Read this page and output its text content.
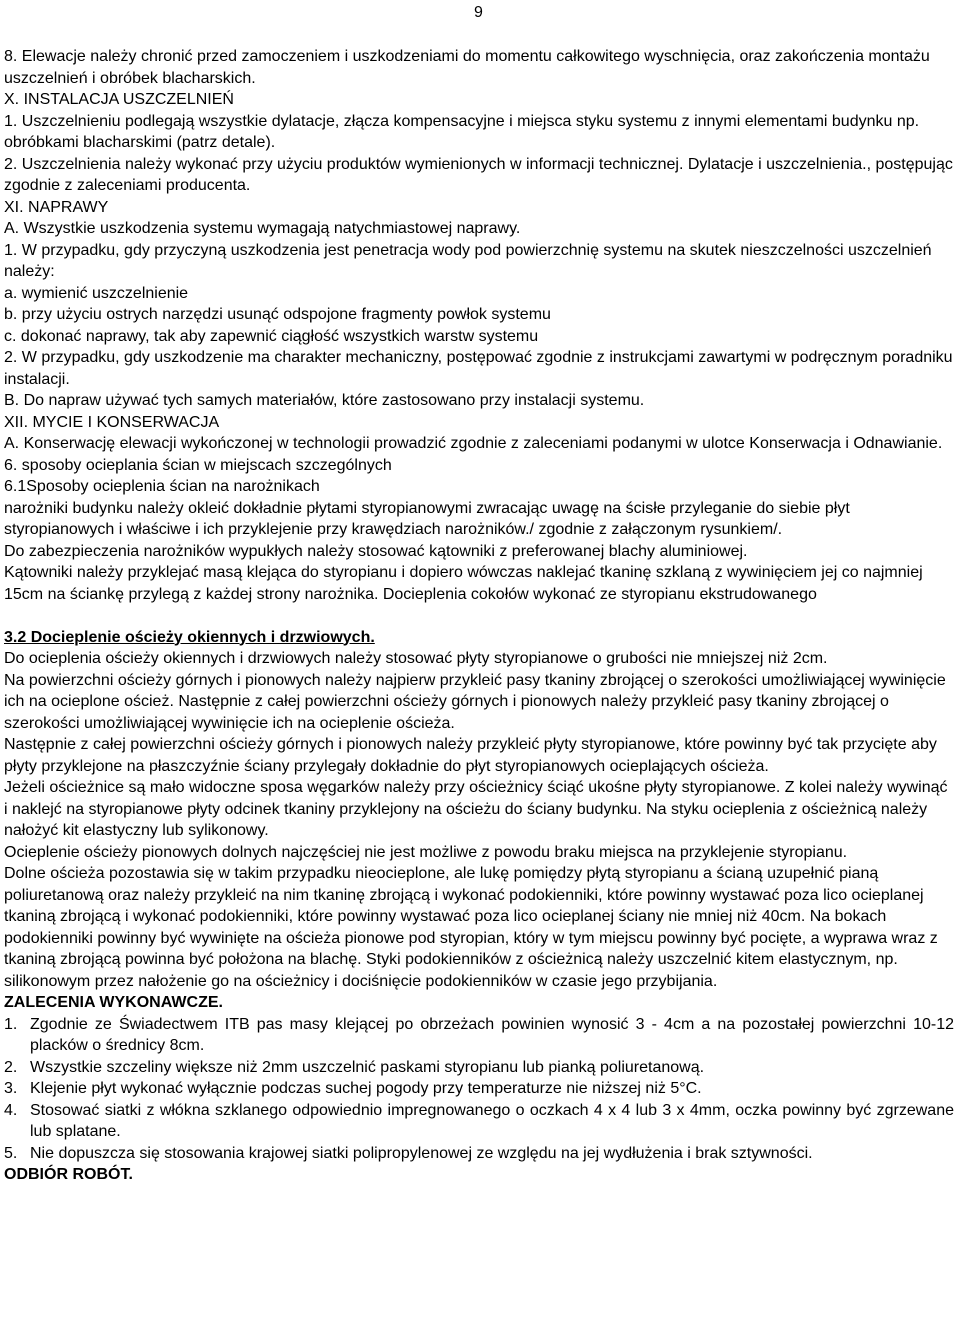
9

8. Elewacje należy chronić przed zamoczeniem i uszkodzeniami do momentu całkowitego wyschnięcia, oraz zakończenia montażu uszczelnień i obróbek blacharskich.

X. INSTALACJA USZCZELNIEŃ

1. Uszczelnieniu podlegają wszystkie dylatacje, złącza kompensacyjne i miejsca styku systemu z innymi elementami budynku np. obróbkami blacharskimi (patrz detale).

2. Uszczelnienia należy wykonać przy użyciu produktów wymienionych w informacji technicznej. Dylatacje i uszczelnienia., postępując zgodnie z zaleceniami producenta.

XI. NAPRAWY

A. Wszystkie uszkodzenia systemu wymagają natychmiastowej naprawy.

1. W przypadku, gdy przyczyną uszkodzenia jest penetracja wody pod powierzchnię systemu na skutek nieszczelności uszczelnień należy:

a. wymienić uszczelnienie

b. przy użyciu ostrych narzędzi usunąć odspojone fragmenty powłok systemu

c. dokonać naprawy, tak aby zapewnić ciągłość wszystkich warstw systemu

2. W przypadku, gdy uszkodzenie ma charakter mechaniczny, postępować zgodnie z instrukcjami zawartymi w podręcznym poradniku instalacji.

B. Do napraw używać tych samych materiałów, które zastosowano przy instalacji systemu.

XII. MYCIE I KONSERWACJA

A. Konserwację elewacji wykończonej w technologii prowadzić zgodnie z zaleceniami podanymi w ulotce Konserwacja i Odnawianie.

6. sposoby ocieplania ścian w miejscach szczególnych

6.1Sposoby ocieplenia ścian na narożnikach

narożniki budynku należy okleić dokładnie płytami styropianowymi zwracając uwagę na ścisłe przyleganie do siebie płyt styropianowych i właściwe i ich przyklejenie przy krawędziach narożników./ zgodnie z załączonym rysunkiem/.

Do zabezpieczenia narożników wypukłych należy stosować kątowniki z preferowanej blachy aluminiowej.

Kątowniki należy przyklejać masą klejąca do styropianu i dopiero wówczas naklejać tkaninę szklaną z wywinięciem jej co najmniej 15cm na ściankę przylegą z każdej strony narożnika. Docieplenia cokołów wykonać ze styropianu ekstrudowanego

3.2 Docieplenie ościeży okiennych i drzwiowych.

Do ocieplenia ościeży okiennych i drzwiowych należy stosować płyty styropianowe o grubości nie mniejszej niż 2cm.

Na powierzchni ościeży górnych i pionowych należy najpierw przykleić pasy tkaniny zbrojącej o szerokości umożliwiającej wywinięcie ich na ocieplone oścież. Następnie z całej powierzchni ościeży górnych i pionowych należy przykleić pasy tkaniny zbrojącej o szerokości umożliwiającej wywinięcie ich na ocieplenie ościeża.

Następnie z całej powierzchni ościeży górnych i pionowych należy przykleić płyty styropianowe, które powinny być tak przycięte aby płyty przyklejone na płaszczyźnie ściany przylegały dokładnie do płyt styropianowych ocieplających ościeża.

Jeżeli ościeżnice są mało widoczne sposa węgarków należy przy ościeżnicy ściąć ukośne płyty styropianowe. Z kolei należy wywinąć i naklejć na styropianowe płyty odcinek tkaniny przyklejony na ościeżu do ściany budynku. Na styku ocieplenia z ościeżnicą należy nałożyć kit elastyczny lub sylikonowy.

Ocieplenie ościeży pionowych dolnych najczęściej nie jest możliwe z powodu braku miejsca na przyklejenie styropianu.

Dolne ościeża pozostawia się w takim przypadku nieocieplone, ale lukę pomiędzy płytą styropianu a ścianą uzupełnić pianą poliuretanową oraz należy przykleić na nim tkaninę zbrojącą i wykonać podokienniki, które powinny wystawać poza lico ocieplanej tkaniną zbrojącą i wykonać podokienniki, które powinny wystawać poza lico ocieplanej ściany nie mniej niż 40cm. Na bokach podokienniki powinny być wywinięte na ościeża pionowe pod styropian, który w tym miejscu powinny być pocięte, a wyprawa wraz z tkaniną zbrojącą powinna być położona na blachę. Styki podokienników z ościeżnicą należy uszczelnić kitem elastycznym, np. silikonowym przez nałożenie go na ościeżnicy i dociśnięcie podokienników w czasie jego przybijania.

ZALECENIA WYKONAWCZE.

1. Zgodnie ze Świadectwem ITB pas masy klejącej po obrzeżach powinien wynosić 3 - 4cm a na pozostałej powierzchni 10-12 placków o średnicy 8cm.
2. Wszystkie szczeliny większe niż 2mm uszczelnić paskami styropianu lub pianką poliuretanową.
3. Klejenie płyt wykonać wyłącznie podczas suchej pogody przy temperaturze nie niższej niż 5°C.
4. Stosować siatki z włókna szklanego odpowiednio impregnowanego o oczkach 4 x 4 lub 3 x 4mm, oczka powinny być zgrzewane lub splatane.
5. Nie dopuszcza się stosowania krajowej siatki polipropylenowej ze względu na jej wydłużenia i brak sztywności.

ODBIÓR ROBÓT.
